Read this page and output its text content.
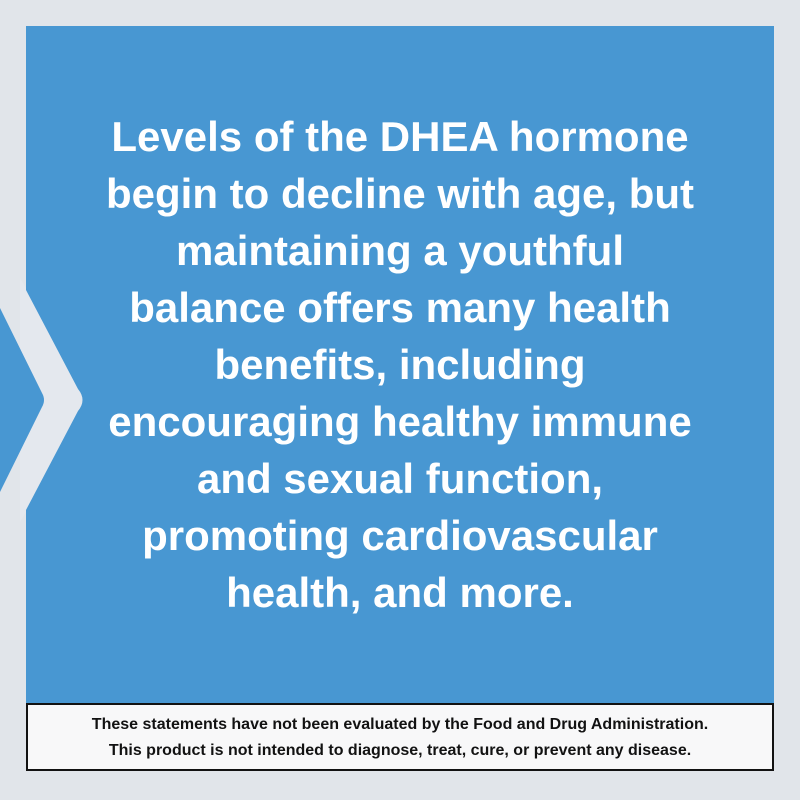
Levels of the DHEA hormone
begin to decline with age, but
maintaining a youthful
balance offers many health
benefits, including
encouraging healthy immune
and sexual function,
promoting cardiovascular
health, and more.
These statements have not been evaluated by the Food and Drug Administration.
This product is not intended to diagnose, treat, cure, or prevent any disease.
